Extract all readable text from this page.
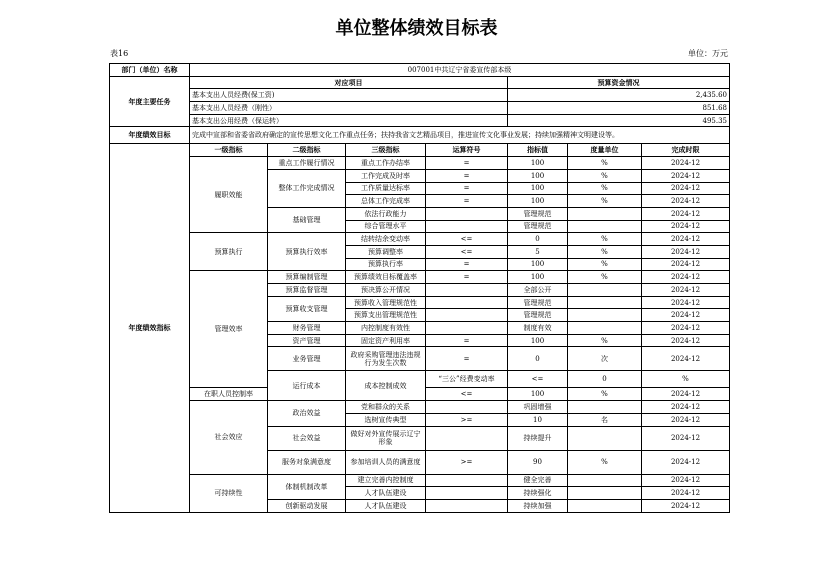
单位整体绩效目标表
表16	单位：万元
部门（单位）名称	007001中共辽宁省委宣传部本级							
年度主要任务	对应项目				预算资金情况			
	基本支出人员经费(保工资)				2,435.60			
	基本支出人员经费（刚性）				851.68			
	基本支出公用经费（保运转）				495.35			
年度绩效目标	完成中宣部和省委省政府确定的宣传思想文化工作重点任务；扶持我省文艺精品项目，推进宣传文化事业发展；持续加强精神文明建设等。							
年度绩效指标	一级指标	二级指标	三级指标	运算符号	指标值	度量单位	完成时限	
	履职效能	重点工作履行情况	重点工作办结率	=	100	%	2024-12	
		整体工作完成情况	工作完成及时率	=	100	%	2024-12	
			工作质量达标率	=	100	%	2024-12	
			总体工作完成率	=	100	%	2024-12	
		基础管理	依法行政能力		管理规范		2024-12	
			综合管理水平		管理规范		2024-12	
	预算执行	预算执行效率	结转结余变动率	<=	0	%	2024-12	
			预算调整率	<=	5	%	2024-12	
			预算执行率	=	100	%	2024-12	
	管理效率	预算编制管理	预算绩效目标覆盖率	=	100	%	2024-12	
		预算监督管理	预决算公开情况		全部公开		2024-12	
		预算收支管理	预算收入管理规范性		管理规范		2024-12	
			预算支出管理规范性		管理规范		2024-12	
		财务管理	内控制度有效性		制度有效		2024-12	
		资产管理	固定资产利用率	=	100	%	2024-12	
		业务管理	政府采购管理违法违规行为发生次数	=	0	次	2024-12	
		运行成本	成本控制成效	“三公”经费变动率	<=	0	%	
	在职人员控制率			<=	100	%	2024-12	
	社会效应	政治效益	党和群众的关系		巩固增强		2024-12	
			选树宣传典型	>=	10	名	2024-12	
		社会效益	做好对外宣传展示辽宁形象		持续提升		2024-12	
		服务对象满意度	参加培训人员的满意度	>=	90	%	2024-12	
	可持续性	体制机制改革	建立完善内控制度		健全完善		2024-12	
			人才队伍建设		持续强化		2024-12	
		创新驱动发展	人才队伍建设		持续加强		2024-12	
